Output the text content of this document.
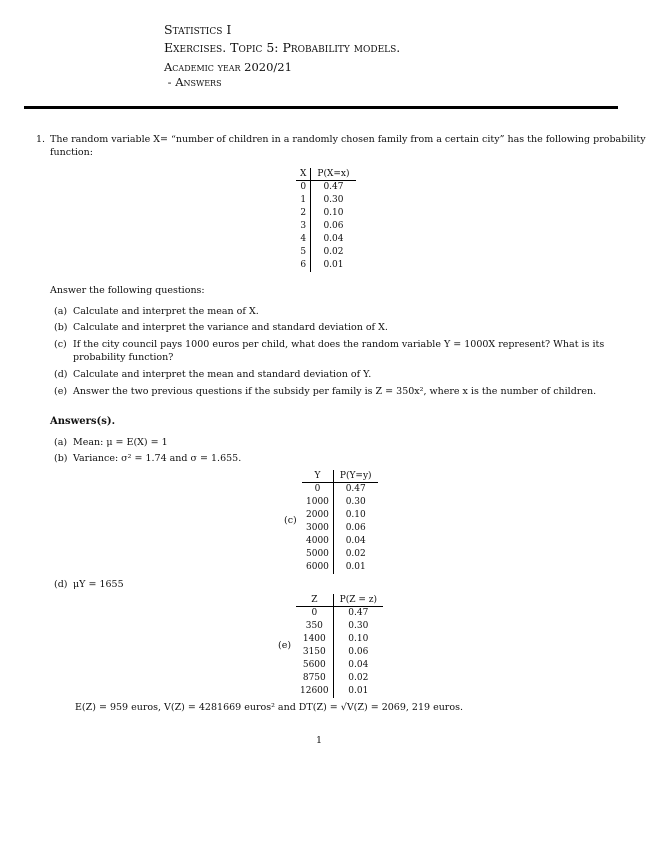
Statistics I
Exercises. Topic 5: Probability models.
Academic year 2020/21
- Answers
1. The random variable X= “number of children in a randomly chosen family from a certain city” has the following probability
function:
X	P(X=x)
0	0.47
1	0.30
2	0.10
3	0.06
4	0.04
5	0.02
6	0.01
Answer the following questions:
(a) Calculate and interpret the mean of X.
(b) Calculate and interpret the variance and standard deviation of X.
(c) If the city council pays 1000 euros per child, what does the random variable Y = 1000X represent? What is its
probability function?
(d) Calculate and interpret the mean and standard deviation of Y.
(e) Answer the two previous questions if the subsidy per family is Z = 350x², where x is the number of children.
Answers(s).
(a) Mean: μ = E(X) = 1
(b) Variance: σ² = 1.74 and σ = 1.655.
(c)
Y	P(Y=y)
0	0.47
1000	0.30
2000	0.10
3000	0.06
4000	0.04
5000	0.02
6000	0.01
(d) μY = 1655
(e)
Z	P(Z = z)
0	0.47
350	0.30
1400	0.10
3150	0.06
5600	0.04
8750	0.02
12600	0.01
E(Z) = 959 euros, V(Z) = 4281669 euros² and DT(Z) = √V(Z) = 2069, 219 euros.
1
